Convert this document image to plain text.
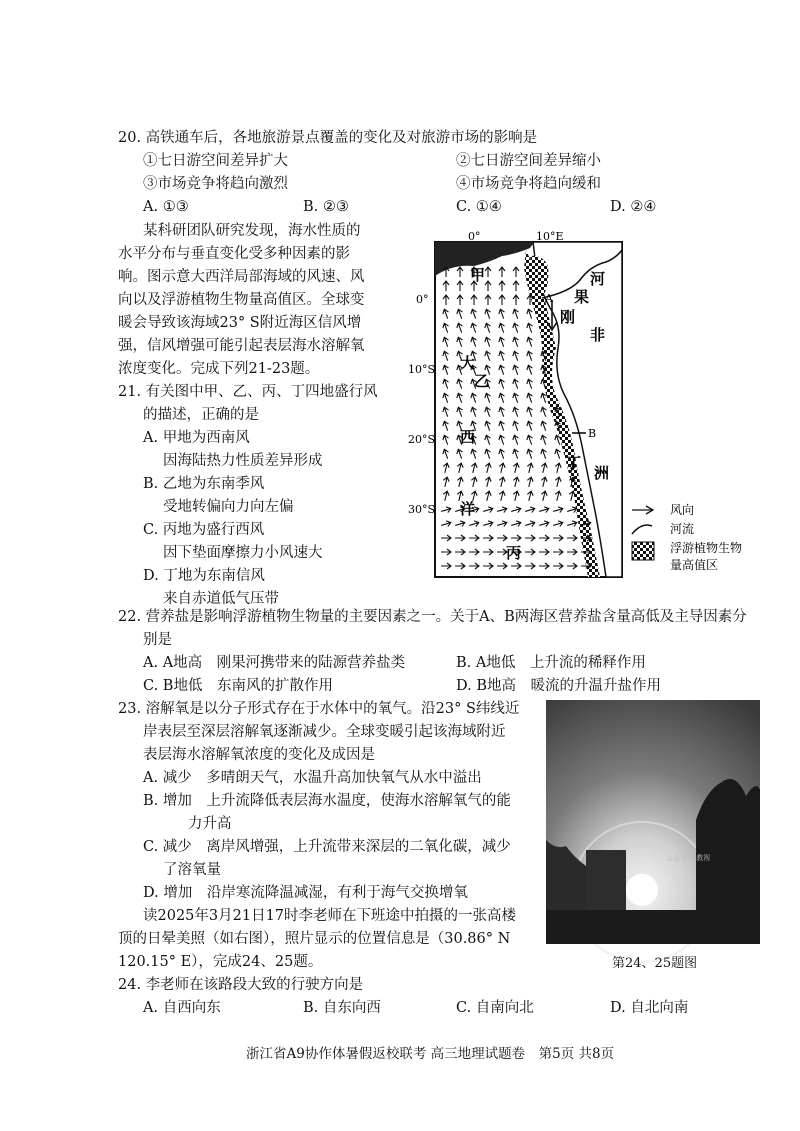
20. 高铁通车后，各地旅游景点覆盖的变化及对旅游市场的影响是
①七日游空间差异扩大	②七日游空间差异缩小
③市场竞争将趋向激烈	④市场竞争将趋向缓和
A. ①③	B. ②③	C. ①④	D. ②④
某科研团队研究发现，海水性质的
水平分布与垂直变化受多种因素的影
响。图示意大西洋局部海域的风速、风
向以及浮游植物生物量高值区。全球变
暖会导致该海域23° S附近海区信风增
强，信风增强可能引起表层海水溶解氧
浓度变化。完成下列21-23题。
21. 有关图中甲、乙、丙、丁四地盛行风
的描述，正确的是
A. 甲地为西南风
因海陆热力性质差异形成
B. 乙地为东南季风
受地转偏向力向左偏
C. 丙地为盛行西风
因下垫面摩擦力小风速大
D. 丁地为东南信风
来自赤道低气压带
0°	10°E
0°
10°S
20°S
30°S
甲
乙
丙
丁
大
西
洋
刚
果
河
非
洲
A
B
风向
河流
浮游植物生物
量高值区
22. 营养盐是影响浮游植物生物量的主要因素之一。关于A、B两海区营养盐含量高低及主导因素分
别是
A. A地高　刚果河携带来的陆源营养盐类	B. A地低　上升流的稀释作用
C. B地低　东南风的扩散作用	D. B地高　暖流的升温升盐作用
23. 溶解氧是以分子形式存在于水体中的氧气。沿23° S纬线近
岸表层至深层溶解氧逐渐减少。全球变暖引起该海域附近
表层海水溶解氧浓度的变化及成因是
A. 减少　多晴朗天气，水温升高加快氧气从水中溢出
B. 增加　上升流降低表层海水温度，使海水溶解氧气的能
力升高
C. 减少　离岸风增强，上升流带来深层的二氧化碳，减少
了溶氧量
D. 增加　沿岸寒流降温减湿，有利于海气交换增氧
公众号·浙教视
第24、25题图
读2025年3月21日17时李老师在下班途中拍摄的一张高楼
顶的日晕美照（如右图），照片显示的位置信息是（30.86° N
120.15° E），完成24、25题。
24. 李老师在该路段大致的行驶方向是
A. 自西向东	B. 自东向西	C. 自南向北	D. 自北向南
浙江省A9协作体暑假返校联考 高三地理试题卷　第5页 共8页
